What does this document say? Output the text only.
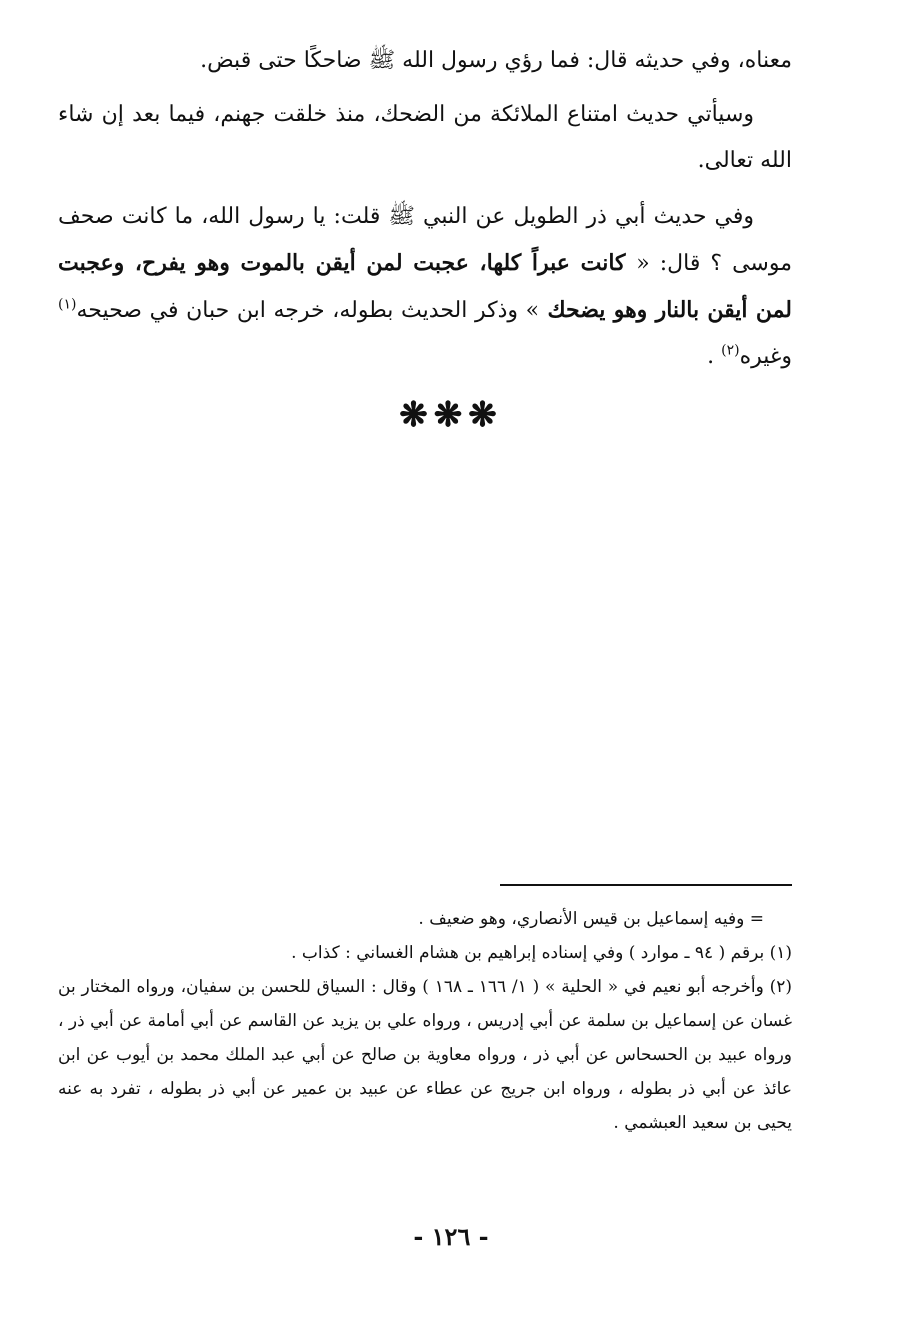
معناه، وفي حديثه قال: فما رؤي رسول الله ﷺ ضاحكًا حتى قبض.
وسيأتي حديث امتناع الملائكة من الضحك، منذ خلقت جهنم، فيما بعد إن شاء الله تعالى.
وفي حديث أبي ذر الطويل عن النبي ﷺ قلت: يا رسول الله، ما كانت صحف موسى ؟ قال: « كانت عبراً كلها، عجبت لمن أيقن بالموت وهو يفرح، وعجبت لمن أيقن بالنار وهو يضحك » وذكر الحديث بطوله، خرجه ابن حبان في صحيحه$^{(١)}$ وغيره$^{(٢)}$ .
❋❋❋

= وفيه إسماعيل بن قيس الأنصاري، وهو ضعيف .

(١) برقم ( ٩٤ ـ موارد ) وفي إسناده إبراهيم بن هشام الغساني : كذاب .

(٢) وأخرجه أبو نعيم في « الحلية » ( ١/ ١٦٦ ـ ١٦٨ ) وقال : السياق للحسن بن سفيان، ورواه المختار بن غسان عن إسماعيل بن سلمة عن أبي إدريس ، ورواه علي بن يزيد عن القاسم عن أبي أمامة عن أبي ذر ، ورواه عبيد بن الحسحاس عن أبي ذر ، ورواه معاوية بن صالح عن أبي عبد الملك محمد بن أيوب عن ابن عائذ عن أبي ذر بطوله ، ورواه ابن جريج عن عطاء عن عبيد بن عمير عن أبي ذر بطوله ، تفرد به عنه يحيى بن سعيد العبشمي .

- ١٢٦ -
